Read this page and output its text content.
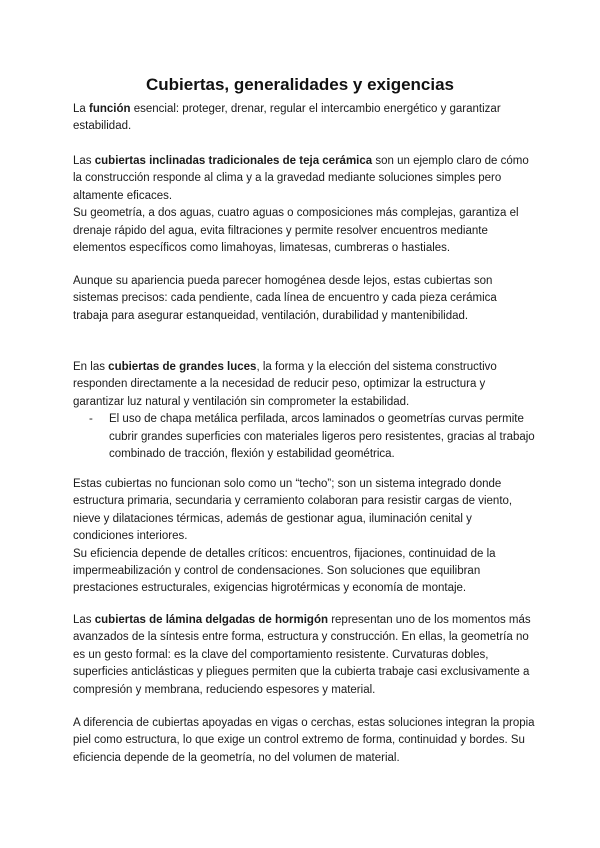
Cubiertas, generalidades y exigencias

La función esencial: proteger, drenar, regular el intercambio energético y garantizar estabilidad.

Las cubiertas inclinadas tradicionales de teja cerámica son un ejemplo claro de cómo la construcción responde al clima y a la gravedad mediante soluciones simples pero altamente eficaces.

Su geometría, a dos aguas, cuatro aguas o composiciones más complejas, garantiza el drenaje rápido del agua, evita filtraciones y permite resolver encuentros mediante elementos específicos como limahoyas, limatesas, cumbreras o hastiales.

Aunque su apariencia pueda parecer homogénea desde lejos, estas cubiertas son sistemas precisos: cada pendiente, cada línea de encuentro y cada pieza cerámica trabaja para asegurar estanqueidad, ventilación, durabilidad y mantenibilidad.

En las cubiertas de grandes luces, la forma y la elección del sistema constructivo responden directamente a la necesidad de reducir peso, optimizar la estructura y garantizar luz natural y ventilación sin comprometer la estabilidad.

- El uso de chapa metálica perfilada, arcos laminados o geometrías curvas permite cubrir grandes superficies con materiales ligeros pero resistentes, gracias al trabajo combinado de tracción, flexión y estabilidad geométrica.

Estas cubiertas no funcionan solo como un “techo”; son un sistema integrado donde estructura primaria, secundaria y cerramiento colaboran para resistir cargas de viento, nieve y dilataciones térmicas, además de gestionar agua, iluminación cenital y condiciones interiores.

Su eficiencia depende de detalles críticos: encuentros, fijaciones, continuidad de la impermeabilización y control de condensaciones. Son soluciones que equilibran prestaciones estructurales, exigencias higrotérmicas y economía de montaje.

Las cubiertas de lámina delgadas de hormigón representan uno de los momentos más avanzados de la síntesis entre forma, estructura y construcción. En ellas, la geometría no es un gesto formal: es la clave del comportamiento resistente. Curvaturas dobles, superficies anticlásticas y pliegues permiten que la cubierta trabaje casi exclusivamente a compresión y membrana, reduciendo espesores y material.

A diferencia de cubiertas apoyadas en vigas o cerchas, estas soluciones integran la propia piel como estructura, lo que exige un control extremo de forma, continuidad y bordes. Su eficiencia depende de la geometría, no del volumen de material.
